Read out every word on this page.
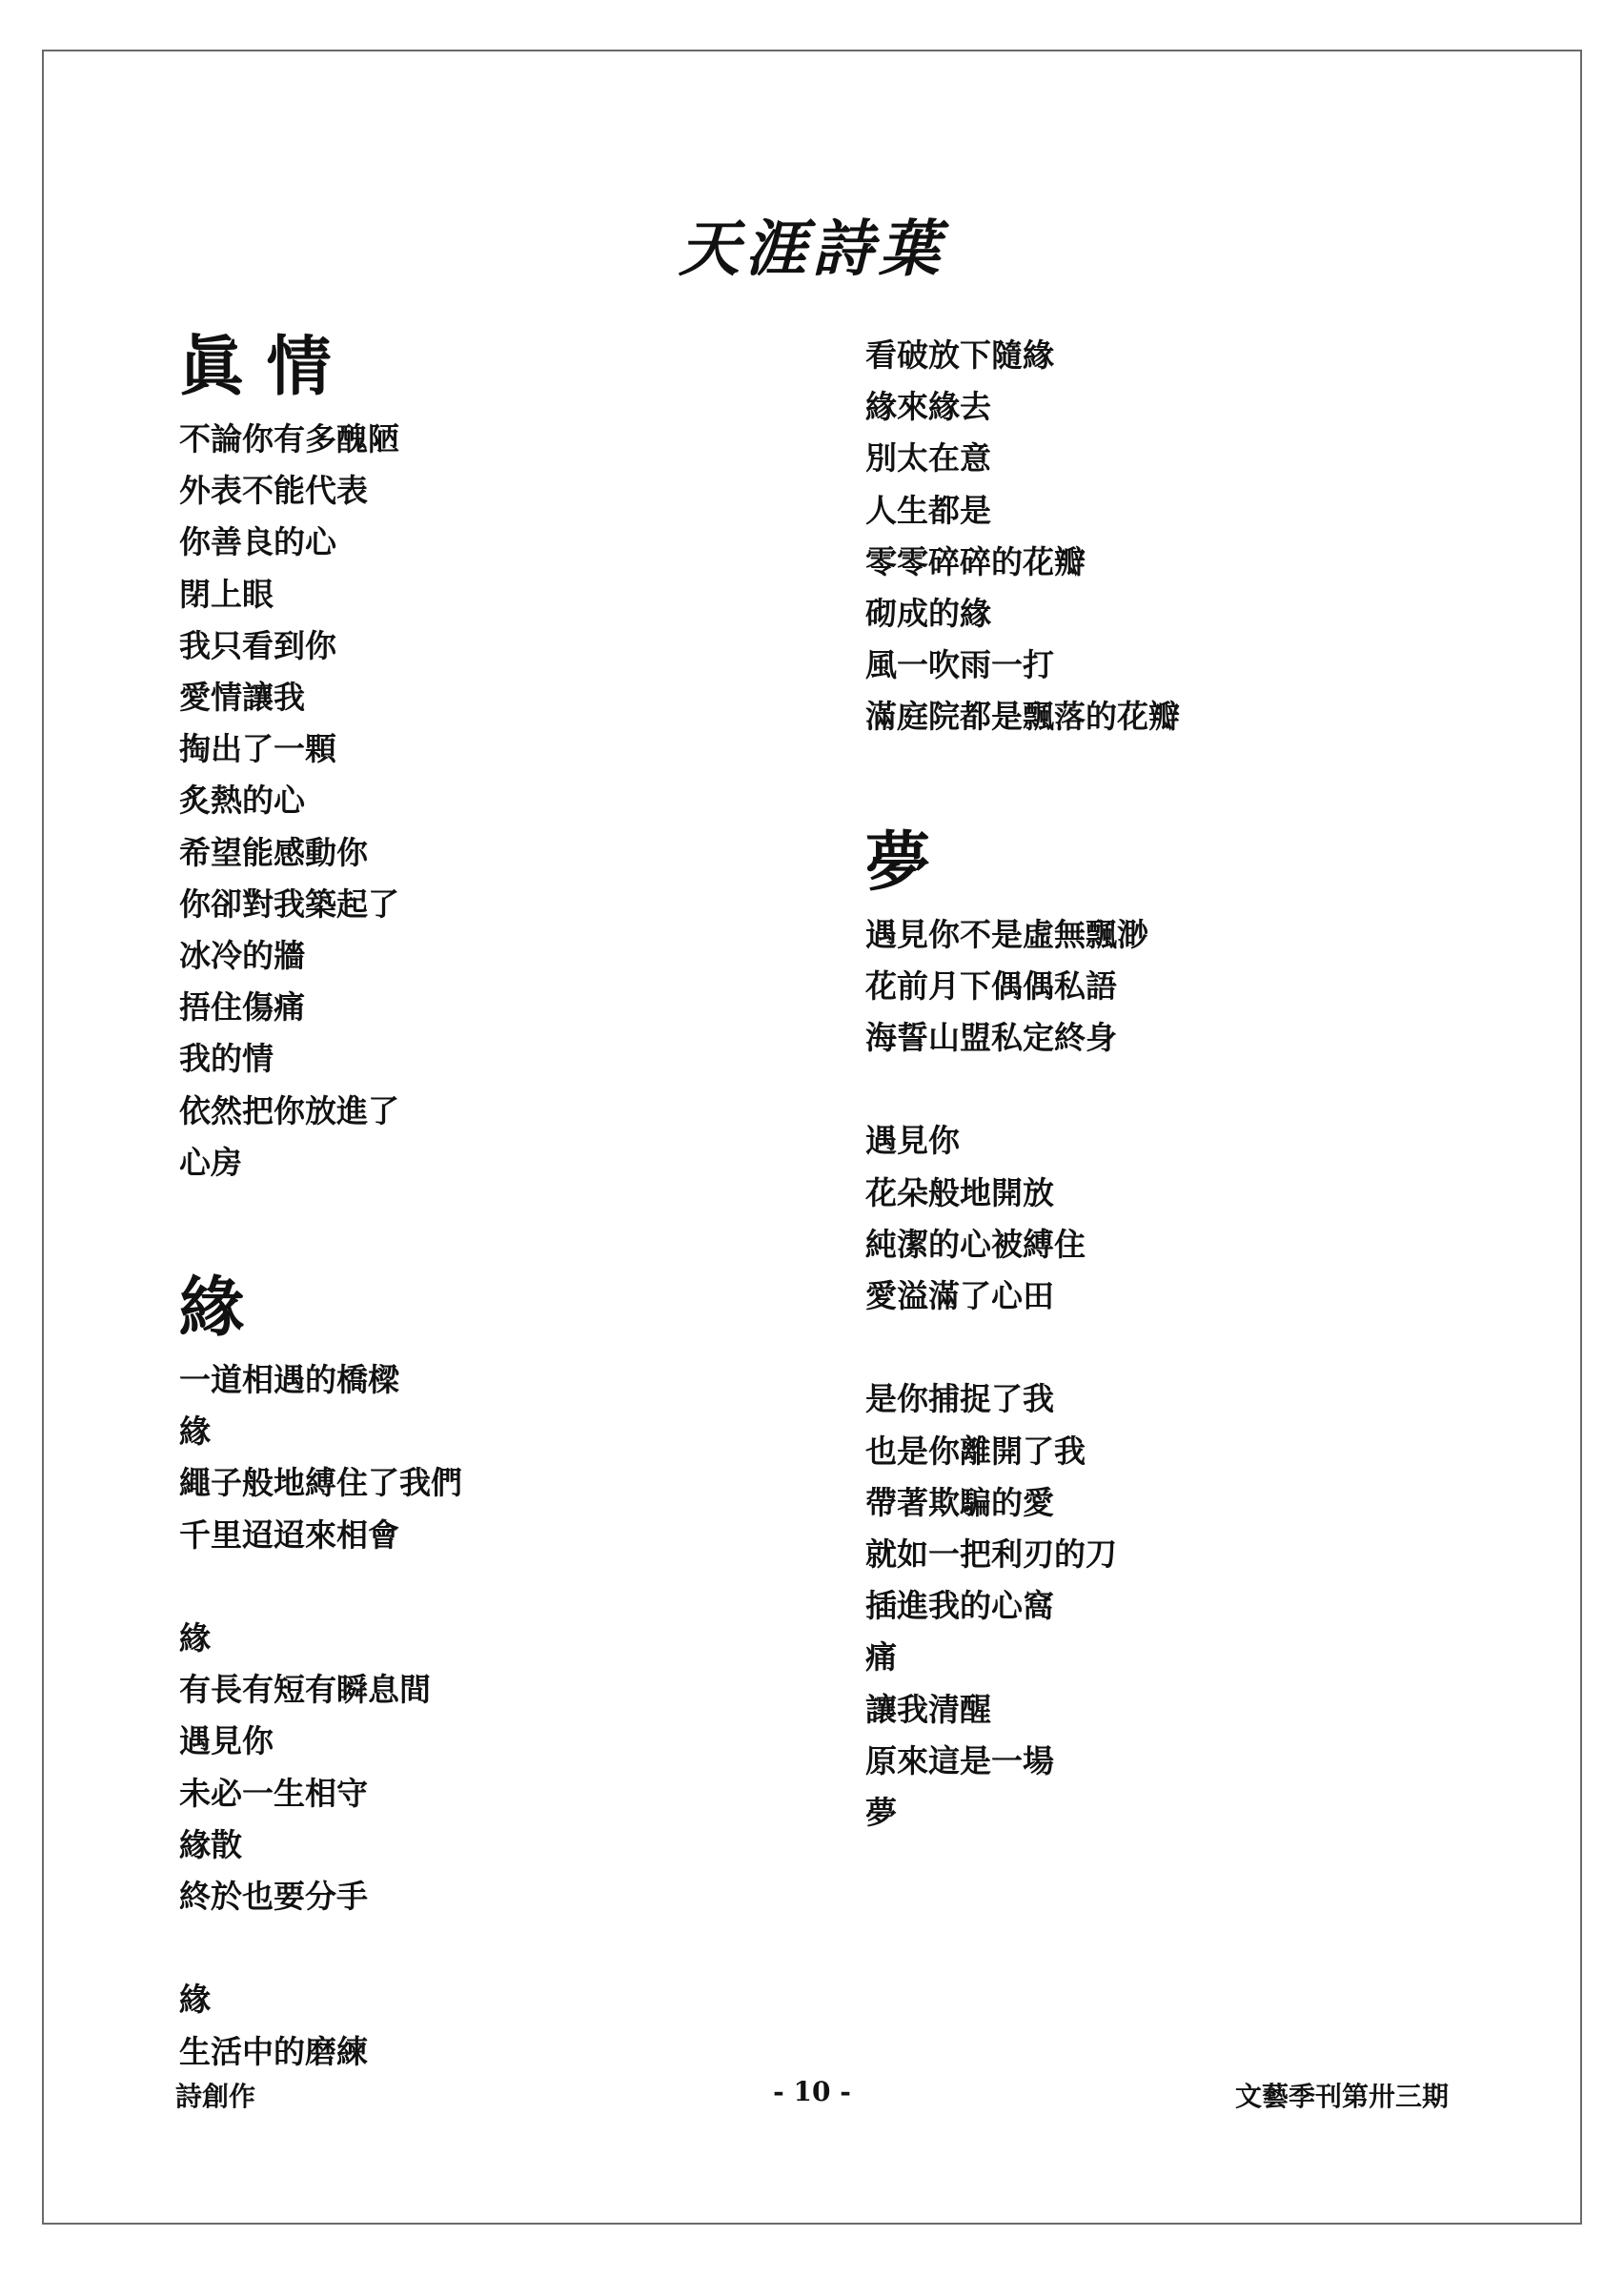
天涯詩葉
眞 情
不論你有多醜陋
外表不能代表
你善良的心
閉上眼
我只看到你
愛情讓我
掏出了一顆
炙熱的心
希望能感動你
你卻對我築起了
冰冷的牆
捂住傷痛
我的情
依然把你放進了
心房
緣
一道相遇的橋樑
緣
繩子般地縛住了我們
千里迢迢來相會
緣
有長有短有瞬息間
遇見你
未必一生相守
緣散
終於也要分手
緣
生活中的磨練
看破放下隨緣
緣來緣去
別太在意
人生都是
零零碎碎的花瓣
砌成的緣
風一吹雨一打
滿庭院都是飄落的花瓣
夢
遇見你不是虛無飄渺
花前月下偶偶私語
海誓山盟私定終身
遇見你
花朵般地開放
純潔的心被縛住
愛溢滿了心田
是你捕捉了我
也是你離開了我
帶著欺騙的愛
就如一把利刃的刀
插進我的心窩
痛
讓我清醒
原來這是一場
夢
詩創作	- 10 -	文藝季刊第卅三期
